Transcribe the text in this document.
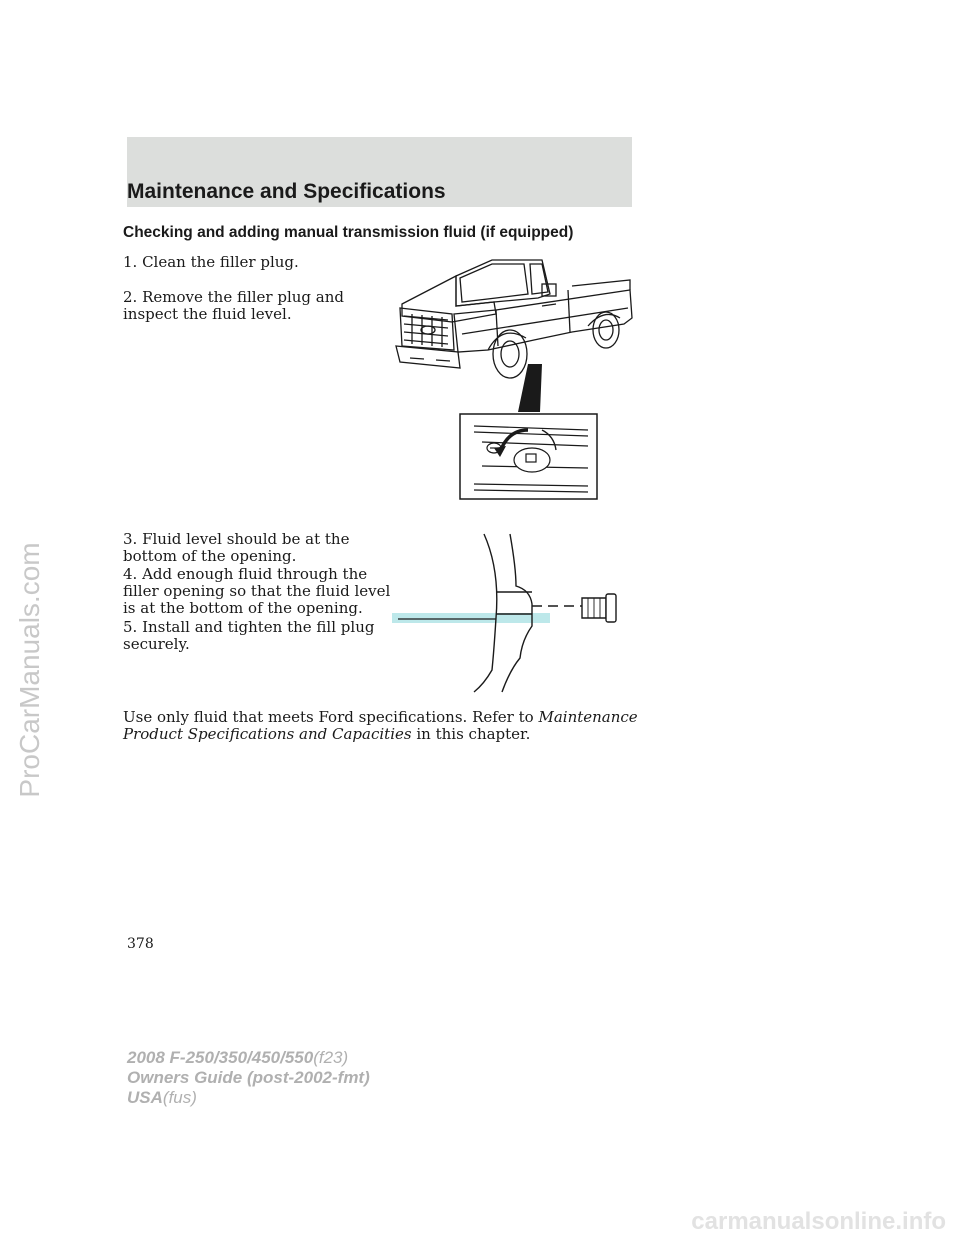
Maintenance and Specifications
Checking and adding manual transmission fluid (if equipped)
1. Clean the filler plug.
2. Remove the filler plug and
inspect the fluid level.
3. Fluid level should be at the
bottom of the opening.
4. Add enough fluid through the
filler opening so that the fluid level
is at the bottom of the opening.
5. Install and tighten the fill plug
securely.
Use only fluid that meets Ford specifications. Refer to Maintenance
Product Specifications and Capacities in this chapter.
378
2008 F-250/350/450/550(f23)
Owners Guide (post-2002-fmt)
USA(fus)
ProCarManuals.com
carmanualsonline.info
